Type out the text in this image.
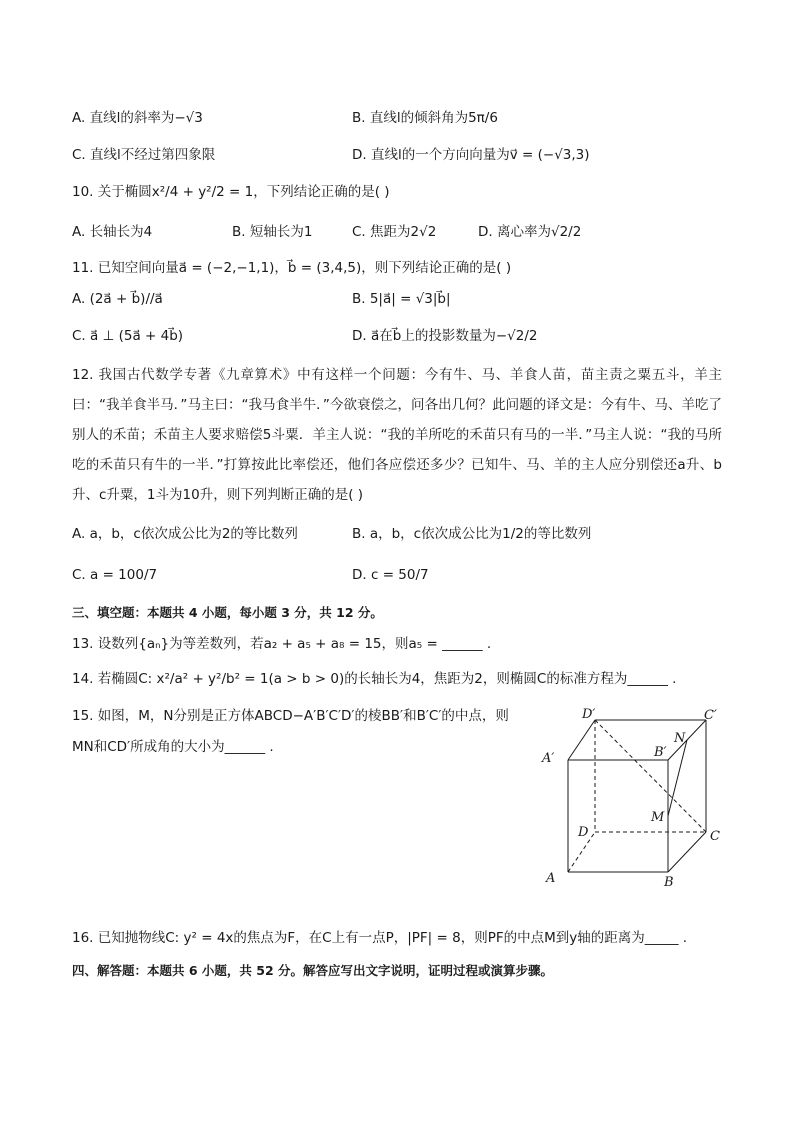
A. 直线l的斜率为−√3	B. 直线l的倾斜角为5π/6
C. 直线l不经过第四象限	D. 直线l的一个方向向量为v⃗ = (−√3,3)
10. 关于椭圆x²/4 + y²/2 = 1，下列结论正确的是( )
A. 长轴长为4	B. 短轴长为1	C. 焦距为2√2	D. 离心率为√2/2
11. 已知空间向量a⃗ = (−2,−1,1)，b⃗ = (3,4,5)，则下列结论正确的是( )
A. (2a⃗ + b⃗)//a⃗	B. 5|a⃗| = √3|b⃗|
C. a⃗ ⊥ (5a⃗ + 4b⃗)	D. a⃗在b⃗上的投影数量为−√2/2
12. 我国古代数学专著《九章算术》中有这样一个问题：今有牛、马、羊食人苗，苗主责之粟五斗，羊主曰：“我羊食半马．”马主曰：“我马食半牛．”今欲衰偿之，问各出几何？此问题的译文是：今有牛、马、羊吃了别人的禾苗；禾苗主人要求赔偿5斗粟．羊主人说：“我的羊所吃的禾苗只有马的一半．”马主人说：“我的马所吃的禾苗只有牛的一半．”打算按此比率偿还，他们各应偿还多少？已知牛、马、羊的主人应分别偿还a升、b升、c升粟，1斗为10升，则下列判断正确的是( )
A. a，b，c依次成公比为2的等比数列	B. a，b，c依次成公比为1/2的等比数列
C. a = 100/7	D. c = 50/7
三、填空题：本题共 4 小题，每小题 3 分，共 12 分。
13. 设数列{aₙ}为等差数列，若a₂ + a₅ + a₈ = 15，则a₅ = ______ .
14. 若椭圆C: x²/a² + y²/b² = 1(a > b > 0)的长轴长为4，焦距为2，则椭圆C的标准方程为______ .
15. 如图，M，N分别是正方体ABCD−A′B′C′D′的棱BB′和B′C′的中点，则
MN和CD′所成角的大小为______ .
A	B
C
D
A′	B′
C′
D′
M
N
16. 已知抛物线C: y² = 4x的焦点为F，在C上有一点P，|PF| = 8，则PF的中点M到y轴的距离为_____ .
四、解答题：本题共 6 小题，共 52 分。解答应写出文字说明，证明过程或演算步骤。
